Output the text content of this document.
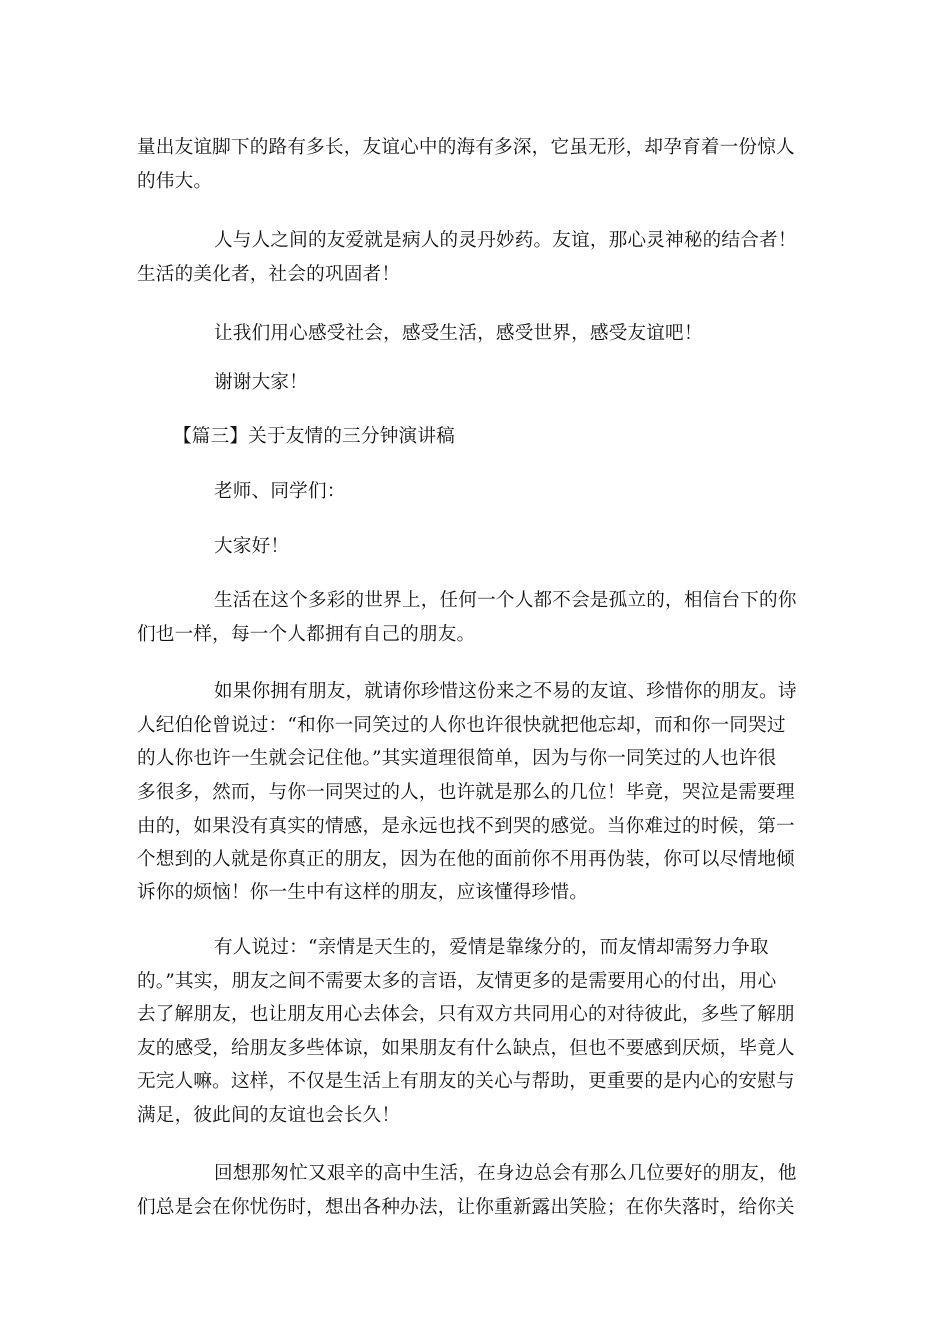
量出友谊脚下的路有多长，友谊心中的海有多深，它虽无形，却孕育着一份惊人
的伟大。
人与人之间的友爱就是病人的灵丹妙药。友谊，那心灵神秘的结合者！
生活的美化者，社会的巩固者！
让我们用心感受社会，感受生活，感受世界，感受友谊吧！
谢谢大家！
【篇三】关于友情的三分钟演讲稿
老师、同学们：
大家好！
生活在这个多彩的世界上，任何一个人都不会是孤立的，相信台下的你
们也一样，每一个人都拥有自己的朋友。
如果你拥有朋友，就请你珍惜这份来之不易的友谊、珍惜你的朋友。诗
人纪伯伦曾说过：“和你一同笑过的人你也许很快就把他忘却，而和你一同哭过
的人你也许一生就会记住他。”其实道理很简单，因为与你一同笑过的人也许很
多很多，然而，与你一同哭过的人，也许就是那么的几位！毕竟，哭泣是需要理
由的，如果没有真实的情感，是永远也找不到哭的感觉。当你难过的时候，第一
个想到的人就是你真正的朋友，因为在他的面前你不用再伪装，你可以尽情地倾
诉你的烦恼！你一生中有这样的朋友，应该懂得珍惜。
有人说过：“亲情是天生的，爱情是靠缘分的，而友情却需努力争取
的。”其实，朋友之间不需要太多的言语，友情更多的是需要用心的付出，用心
去了解朋友，也让朋友用心去体会，只有双方共同用心的对待彼此，多些了解朋
友的感受，给朋友多些体谅，如果朋友有什么缺点，但也不要感到厌烦，毕竟人
无完人嘛。这样，不仅是生活上有朋友的关心与帮助，更重要的是内心的安慰与
满足，彼此间的友谊也会长久！
回想那匆忙又艰辛的高中生活，在身边总会有那么几位要好的朋友，他
们总是会在你忧伤时，想出各种办法，让你重新露出笑脸；在你失落时，给你关
